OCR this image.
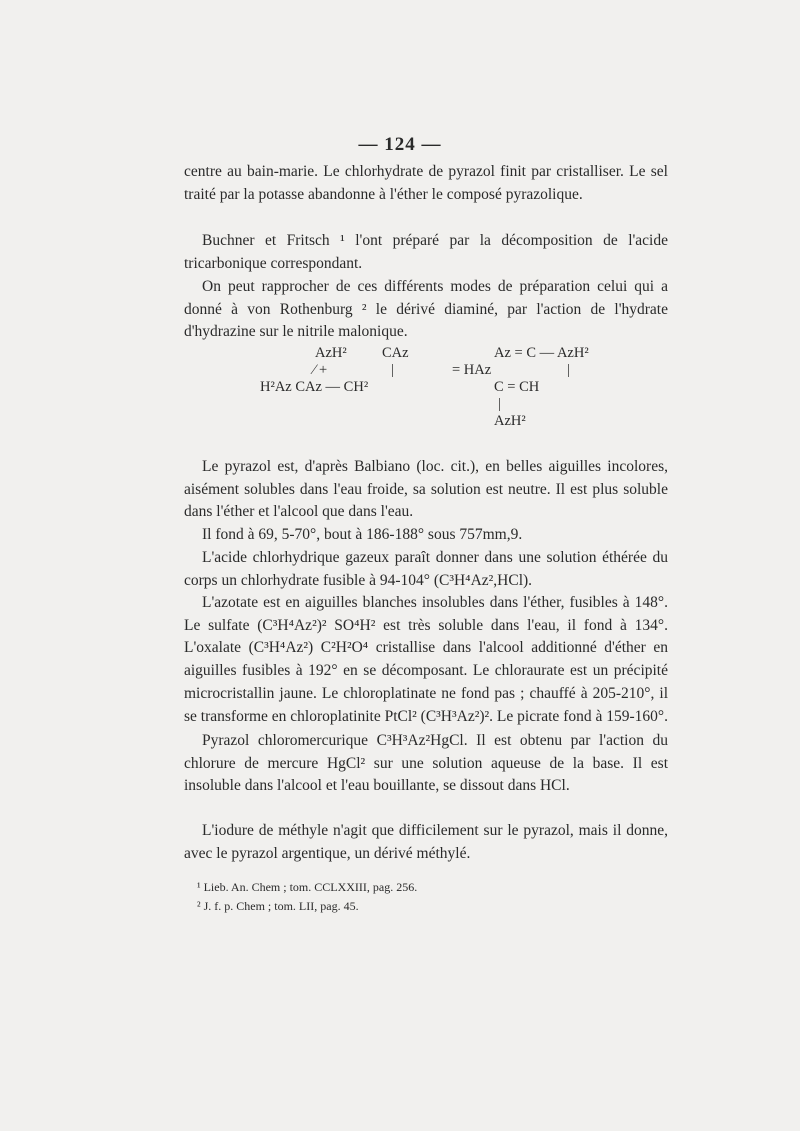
— 124 —

centre au bain-marie. Le chlorhydrate de pyrazol finit par cristalliser. Le sel traité par la potasse abandonne à l'éther le composé pyrazolique.

Buchner et Fritsch ¹ l'ont préparé par la décomposition de l'acide tricarbonique correspondant.

On peut rapprocher de ces différents modes de préparation celui qui a donné à von Rothenburg ² le dérivé diaminé, par l'action de l'hydrate d'hydrazine sur le nitrile malonique.

AzH² CAz
⁄ +	|
H²Az CAz — CH²
= HAz
Az = C — AzH²
|
C = CH
|
AzH²

Le pyrazol est, d'après Balbiano (loc. cit.), en belles aiguilles incolores, aisément solubles dans l'eau froide, sa solution est neutre. Il est plus soluble dans l'éther et l'alcool que dans l'eau.

Il fond à 69, 5-70°, bout à 186-188° sous 757mm,9.

L'acide chlorhydrique gazeux paraît donner dans une solution éthérée du corps un chlorhydrate fusible à 94-104° (C³H⁴Az²,HCl).

L'azotate est en aiguilles blanches insolubles dans l'éther, fusibles à 148°. Le sulfate (C³H⁴Az²)² SO⁴H² est très soluble dans l'eau, il fond à 134°. L'oxalate (C³H⁴Az²) C²H²O⁴ cristallise dans l'alcool additionné d'éther en aiguilles fusibles à 192° en se décomposant. Le chloraurate est un précipité microcristallin jaune. Le chloroplatinate ne fond pas ; chauffé à 205-210°, il se transforme en chloroplatinite PtCl² (C³H³Az²)². Le picrate fond à 159-160°.

Pyrazol chloromercurique C³H³Az²HgCl. Il est obtenu par l'action du chlorure de mercure HgCl² sur une solution aqueuse de la base. Il est insoluble dans l'alcool et l'eau bouillante, se dissout dans HCl.

L'iodure de méthyle n'agit que difficilement sur le pyrazol, mais il donne, avec le pyrazol argentique, un dérivé méthylé.

¹ Lieb. An. Chem ; tom. CCLXXIII, pag. 256.

² J. f. p. Chem ; tom. LII, pag. 45.
